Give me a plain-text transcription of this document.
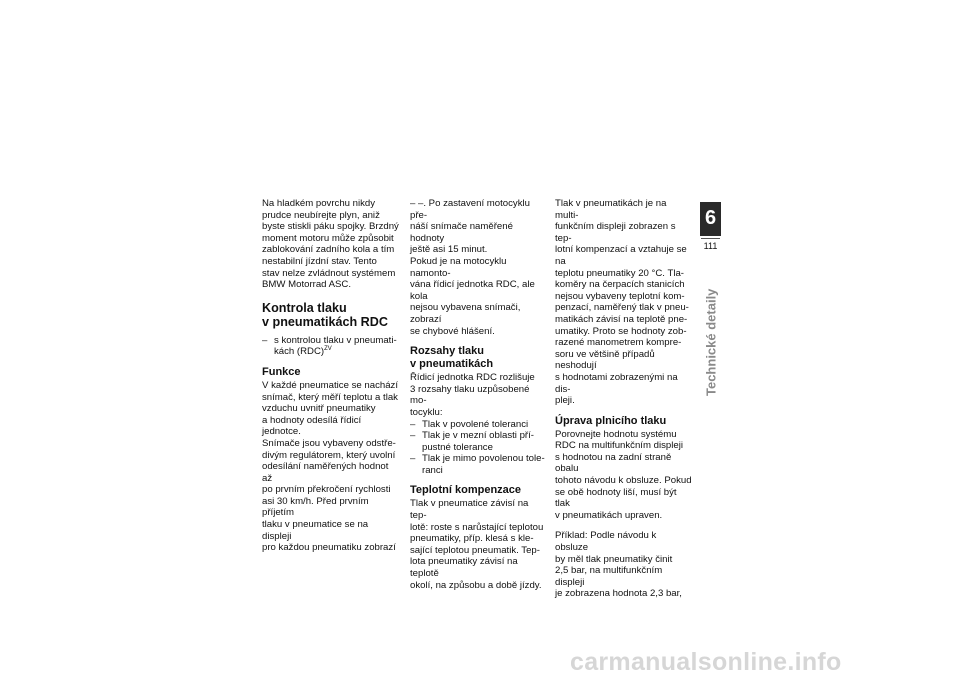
Na hladkém povrchu nikdy
prudce neubírejte plyn, aniž
byste stiskli páku spojky. Brzdný
moment motoru může způsobit
zablokování zadního kola a tím
nestabilní jízdní stav. Tento
stav nelze zvládnout systémem
BMW Motorrad ASC.

Kontrola tlaku
v pneumatikách RDC
– s kontrolou tlaku v pneumati-
kách (RDC)$^{ZV}$
Funkce

V každé pneumatice se nachází
snímač, který měří teplotu a tlak
vzduchu uvnitř pneumatiky
a hodnoty odesílá řídicí jednotce.
Snímače jsou vybaveny odstře-
divým regulátorem, který uvolní
odesílání naměřených hodnot až
po prvním překročení rychlosti
asi 30 km/h. Před prvním příjetím
tlaku v pneumatice se na displeji
pro každou pneumatiku zobrazí

– –. Po zastavení motocyklu pře-
náší snímače naměřené hodnoty
ještě asi 15 minut.
Pokud je na motocyklu namonto-
vána řídicí jednotka RDC, ale kola
nejsou vybavena snímači, zobrazí
se chybové hlášení.

Rozsahy tlaku
v pneumatikách

Řídicí jednotka RDC rozlišuje
3 rozsahy tlaku uzpůsobené mo-
tocyklu:

– Tlak v povolené toleranci
– Tlak je v mezní oblasti pří-
pustné tolerance
– Tlak je mimo povolenou tole-
ranci
Teplotní kompenzace

Tlak v pneumatice závisí na tep-
lotě: roste s narůstající teplotou
pneumatiky, příp. klesá s kle-
sající teplotou pneumatik. Tep-
lota pneumatiky závisí na teplotě
okolí, na způsobu a době jízdy.

Tlak v pneumatikách je na multi-
funkčním displeji zobrazen s tep-
lotní kompenzací a vztahuje se na
teplotu pneumatiky 20 °C. Tla-
koměry na čerpacích stanicích
nejsou vybaveny teplotní kom-
penzací, naměřený tlak v pneu-
matikách závisí na teplotě pne-
umatiky. Proto se hodnoty zob-
razené manometrem kompre-
soru ve většině případů neshodují
s hodnotami zobrazenými na dis-
pleji.

Úprava plnicího tlaku

Porovnejte hodnotu systému
RDC na multifunkčním displeji
s hodnotou na zadní straně obalu
tohoto návodu k obsluze. Pokud
se obě hodnoty liší, musí být tlak
v pneumatikách upraven.

Příklad: Podle návodu k obsluze
by měl tlak pneumatiky činit
2,5 bar, na multifunkčním displeji
je zobrazena hodnota 2,3 bar,

6
111
Technické detaily
carmanualsonline.info
